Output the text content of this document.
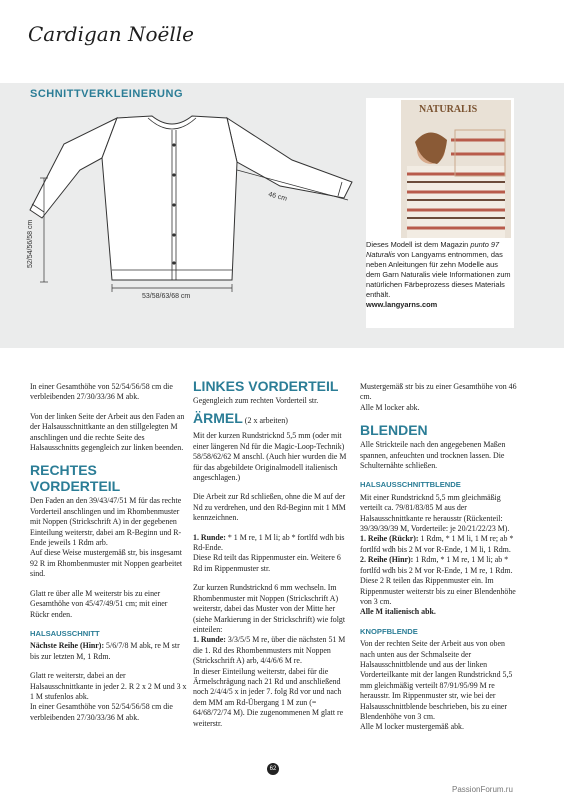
Cardigan Noëlle
SCHNITTVERKLEINERUNG
52/54/56/58 cm
46 cm
53/58/63/68 cm
NATURALIS
Dieses Modell ist dem Magazin punto 97 Naturalis von Langyarns entnommen, das neben Anleitungen für zehn Modelle aus dem Garn Naturalis viele Informationen zum natürlichen Färbeprozess dieses Materials enthält.
www.langyarns.com

In einer Gesamthöhe von 52/54/56/58 cm die verbleibenden 27/30/33/36 M abk.

Von der linken Seite der Arbeit aus den Faden an der Halsausschnittkante an den stillgelegten M anschlingen und die rechte Seite des Halsausschnitts gegengleich zur linken beenden.

RECHTES VORDERTEIL

Den Faden an den 39/43/47/51 M für das rechte Vorderteil anschlingen und im Rhombenmuster mit Noppen (Strickschrift A) in der gegebenen Einteilung weiterstr, dabei am R-Beginn und R-Ende jeweils 1 Rdm arb.

Auf diese Weise mustergemäß str, bis insgesamt 92 R im Rhombenmuster mit Noppen gearbeitet sind.

Glatt re über alle M weiterstr bis zu einer Gesamthöhe von 45/47/49/51 cm; mit einer Rückr enden.

HALSAUSSCHNITT

Nächste Reihe (Hinr): 5/6/7/8 M abk, re M str bis zur letzten M, 1 Rdm.

Glatt re weiterstr, dabei an der Halsausschnittkante in jeder 2. R 2 x 2 M und 3 x 1 M stufenlos abk.

In einer Gesamthöhe von 52/54/56/58 cm die verbleibenden 27/30/33/36 M abk.

LINKES VORDERTEIL

Gegengleich zum rechten Vorderteil str.

ÄRMEL (2 x arbeiten)

Mit der kurzen Rundstricknd 5,5 mm (oder mit einer längeren Nd für die Magic-Loop-Technik) 58/58/62/62 M anschl. (Auch hier wurden die M für das abgebildete Originalmodell italienisch angeschlagen.)

Die Arbeit zur Rd schließen, ohne die M auf der Nd zu verdrehen, und den Rd-Beginn mit 1 MM kennzeichnen.

1. Runde: * 1 M re, 1 M li; ab * fortlfd wdh bis Rd-Ende.

Diese Rd teilt das Rippenmuster ein. Weitere 6 Rd im Rippenmuster str.

Zur kurzen Rundstricknd 6 mm wechseln. Im Rhombenmuster mit Noppen (Strickschrift A) weiterstr, dabei das Muster von der Mitte her (siehe Markierung in der Strickschrift) wie folgt einteilen:

1. Runde: 3/3/5/5 M re, über die nächsten 51 M die 1. Rd des Rhombenmusters mit Noppen (Strickschrift A) arb, 4/4/6/6 M re.

In dieser Einteilung weiterstr, dabei für die Ärmelschrägung nach 21 Rd und anschließend noch 2/4/4/5 x in jeder 7. folg Rd vor und nach dem MM am Rd-Übergang 1 M zun (= 64/68/72/74 M). Die zugenommenen M glatt re weiterstr.

Mustergemäß str bis zu einer Gesamthöhe von 46 cm.

Alle M locker abk.

BLENDEN

Alle Strickteile nach den angegebenen Maßen spannen, anfeuchten und trocknen lassen. Die Schulternähte schließen.

HALSAUSSCHNITTBLENDE

Mit einer Rundstricknd 5,5 mm gleichmäßig verteilt ca. 79/81/83/85 M aus der Halsausschnittkante re herausstr (Rückenteil: 39/39/39/39 M, Vorderteile: je 20/21/22/23 M).

1. Reihe (Rückr): 1 Rdm, * 1 M li, 1 M re; ab * fortlfd wdh bis 2 M vor R-Ende, 1 M li, 1 Rdm.

2. Reihe (Hinr): 1 Rdm, * 1 M re, 1 M li; ab * fortlfd wdh bis 2 M vor R-Ende, 1 M re, 1 Rdm.

Diese 2 R teilen das Rippenmuster ein. Im Rippenmuster weiterstr bis zu einer Blendenhöhe von 3 cm.

Alle M italienisch abk.

KNOPFBLENDE

Von der rechten Seite der Arbeit aus von oben nach unten aus der Schmalseite der Halsausschnittblende und aus der linken Vorderteilkante mit der langen Rundstricknd 5,5 mm gleichmäßig verteilt 87/91/95/99 M re herausstr. Im Rippenmuster str, wie bei der Halsausschnittblende beschrieben, bis zu einer Blendenhöhe von 3 cm.

Alle M locker mustergemäß abk.

62
PassionForum.ru
